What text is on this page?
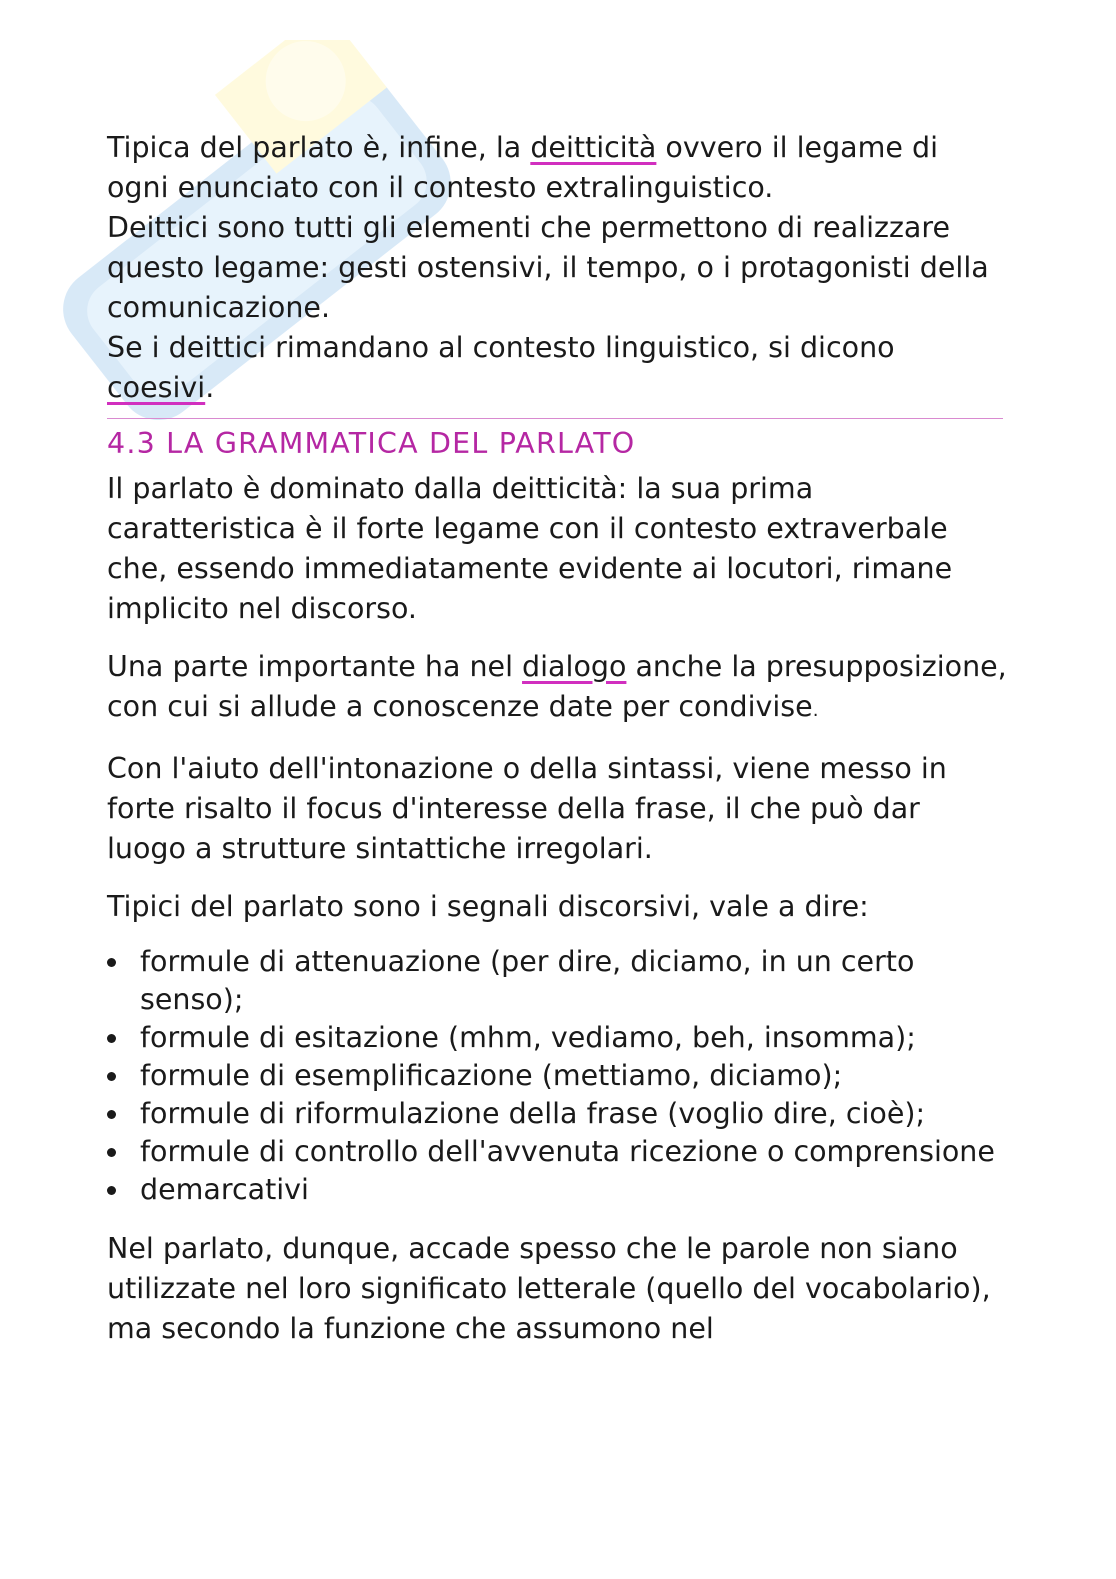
Tipica del parlato è, infine, la deitticità ovvero il legame di ogni enunciato con il contesto extralinguistico.

Deittici sono tutti gli elementi che permettono di realizzare questo legame: gesti ostensivi, il tempo, o i protagonisti della comunicazione.

Se i deittici rimandano al contesto linguistico, si dicono coesivi.

4.3 LA GRAMMATICA DEL PARLATO

Il parlato è dominato dalla deitticità: la sua prima caratteristica è il forte legame con il contesto extraverbale che, essendo immediatamente evidente ai locutori, rimane implicito nel discorso.

Una parte importante ha nel dialogo anche la presupposizione, con cui si allude a conoscenze date per condivise.

Con l'aiuto dell'intonazione o della sintassi, viene messo in forte risalto il focus d'interesse della frase, il che può dar luogo a strutture sintattiche irregolari.

Tipici del parlato sono i segnali discorsivi, vale a dire:

formule di attenuazione (per dire, diciamo, in un certo senso);
formule di esitazione (mhm, vediamo, beh, insomma);
formule di esemplificazione (mettiamo, diciamo);
formule di riformulazione della frase (voglio dire, cioè);
formule di controllo dell'avvenuta ricezione o comprensione
demarcativi

Nel parlato, dunque, accade spesso che le parole non siano utilizzate nel loro significato letterale (quello del vocabolario), ma secondo la funzione che assumono nel
